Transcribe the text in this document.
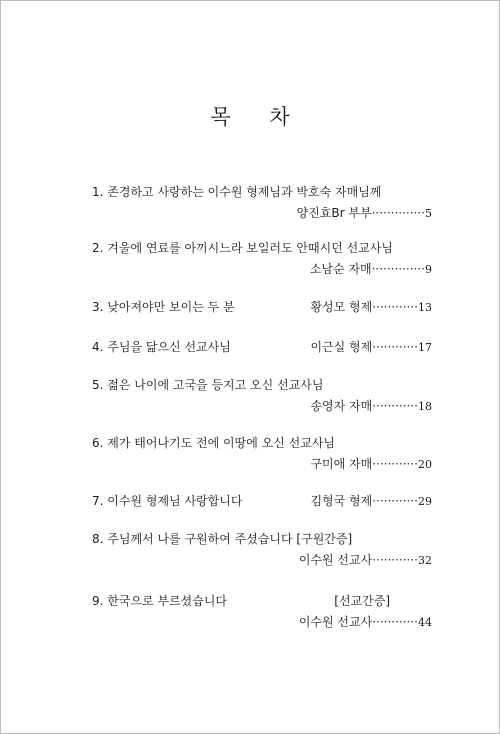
목 차
1. 존경하고 사랑하는 이수원 형제님과 박호숙 자매님께
양진효Br 부부··············5
2. 겨울에 연료를 아끼시느라 보일러도 안때시던 선교사님
소남순 자매··············9
3. 낮아져야만 보이는 두 분	황성모 형제············13
4. 주님을 닮으신 선교사님	이근실 형제············17
5. 젊은 나이에 고국을 등지고 오신 선교사님
송영자 자매············18
6. 제가 태어나기도 전에 이땅에 오신 선교사님
구미애 자매············20
7. 이수원 형제님 사랑합니다	김형국 형제············29
8. 주님께서 나를 구원하여 주셨습니다 [구원간증]
이수원 선교사············32
9. 한국으로 부르셨습니다	[선교간증]
이수원 선교사············44
